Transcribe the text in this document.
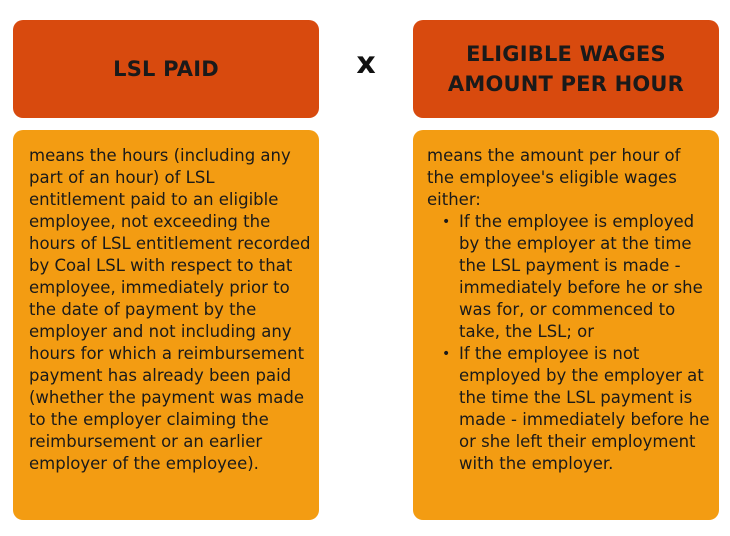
LSL PAID	x	ELIGIBLE WAGES
AMOUNT PER HOUR

means the hours (including any part of an hour) of LSL entitlement paid to an eligible employee, not exceeding the hours of LSL entitlement recorded by Coal LSL with respect to that employee, immediately prior to the date of payment by the employer and not including any hours for which a reimbursement payment has already been paid (whether the payment was made to the employer claiming the reimbursement or an earlier employer of the employee).

means the amount per hour of the employee's eligible wages either:

• If the employee is employed by the employer at the time the LSL payment is made - immediately before he or she was for, or commenced to take, the LSL; or
• If the employee is not employed by the employer at the time the LSL payment is made - immediately before he or she left their employment with the employer.
